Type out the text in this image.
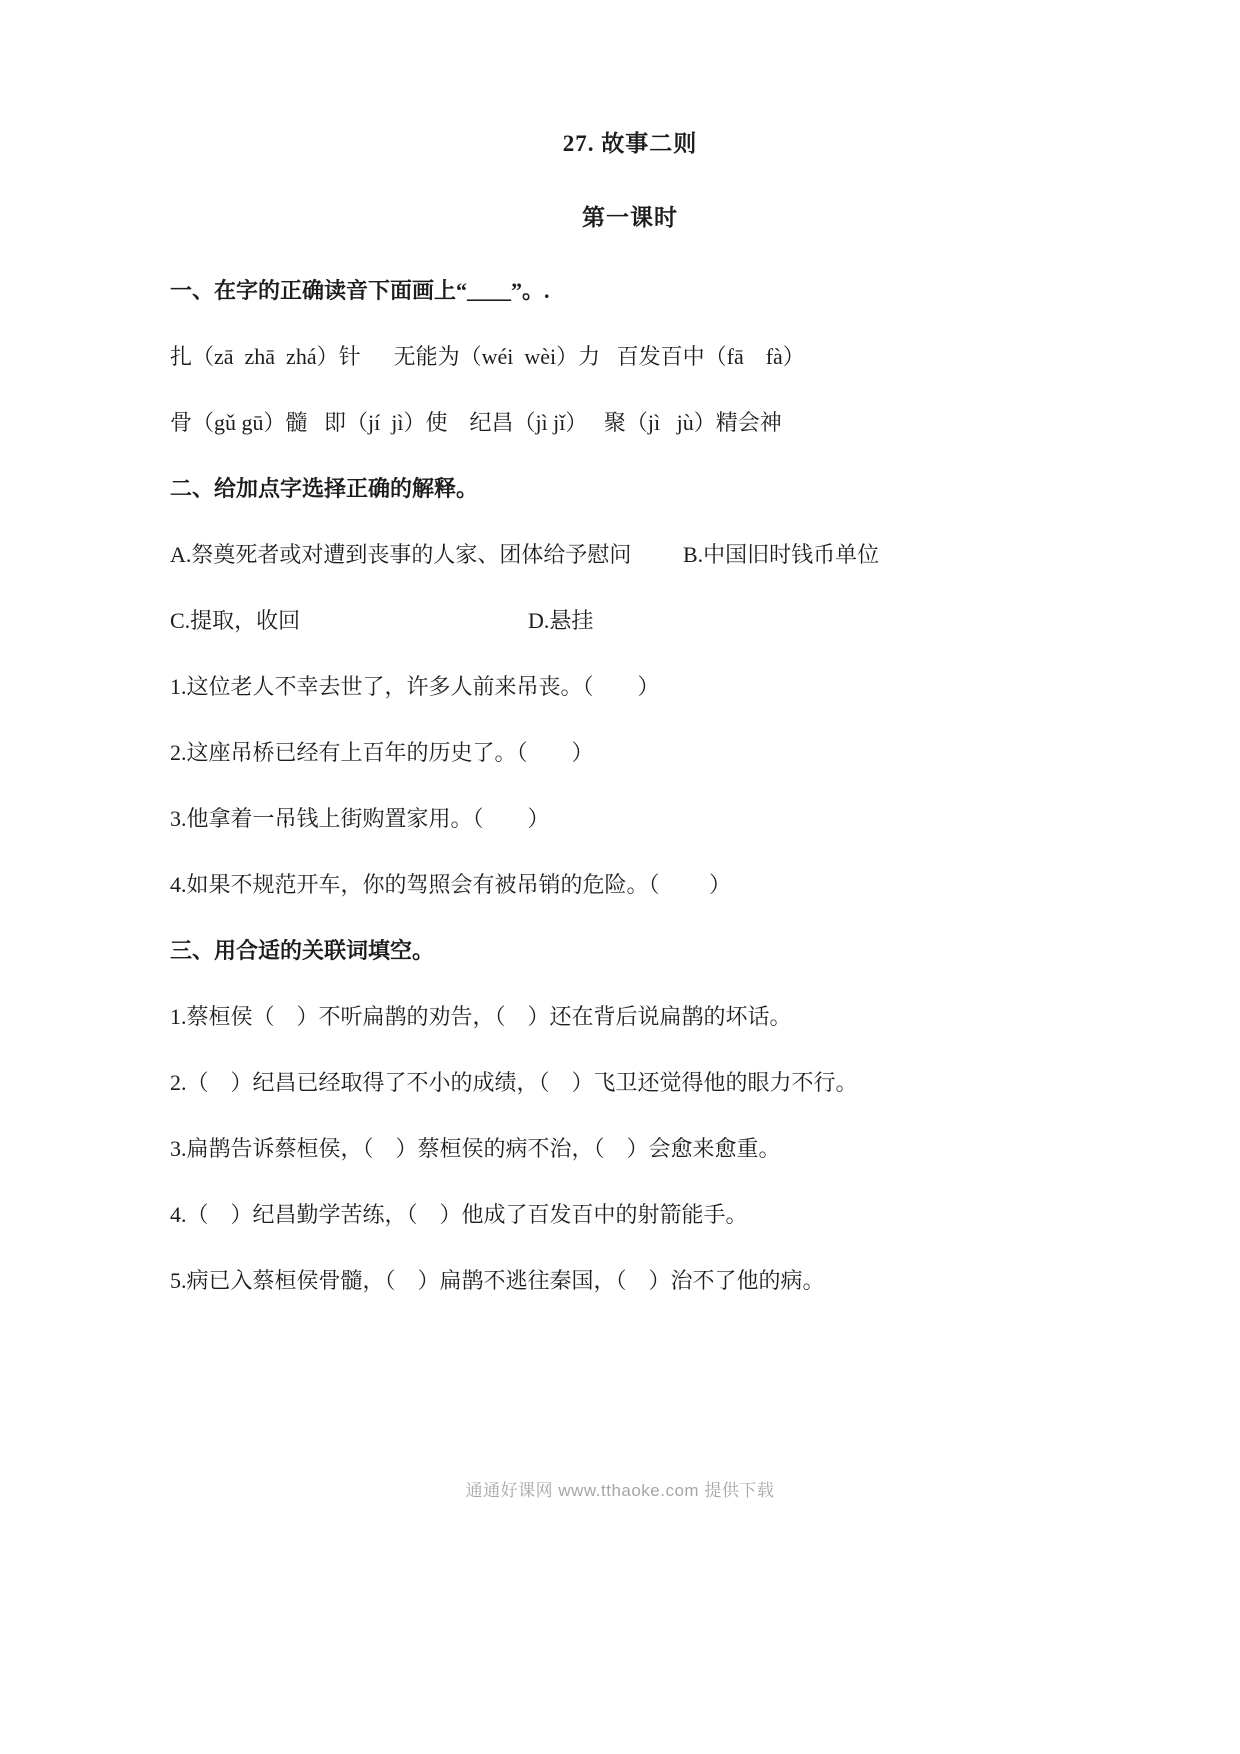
27. 故事二则
第一课时

一、在字的正确读音下面画上“____”。.

扎（zā  zhā  zhá）针      无能为（wéi  wèi）力   百发百中（fā    fà）

骨（gǔ gū）髓   即（jí  jì）使    纪昌（jì jǐ）   聚（jì   jù）精会神

二、给加点字选择正确的解释。

A.祭奠死者或对遭到丧事的人家、团体给予慰问	B.中国旧时钱币单位

C.提取，收回	D.悬挂

1.这位老人不幸去世了，许多人前来吊 •丧。（        ）

2.这座吊 •桥已经有上百年的历史了。（        ）

3.他拿着一吊 •钱上街购置家用。（        ）

4.如果不规范开车，你的驾照会有被吊 •销的危险。（         ）

三、用合适的关联词填空。

1.蔡桓侯（    ）不听扁鹊的劝告，（    ）还在背后说扁鹊的坏话。

2.（    ）纪昌已经取得了不小的成绩，（    ）飞卫还觉得他的眼力不行。

3.扁鹊告诉蔡桓侯，（    ）蔡桓侯的病不治，（    ）会愈来愈重。

4.（    ）纪昌勤学苦练，（    ）他成了百发百中的射箭能手。

5.病已入蔡桓侯骨髓，（    ）扁鹊不逃往秦国，（    ）治不了他的病。

通通好课网 www.tthaoke.com 提供下载
